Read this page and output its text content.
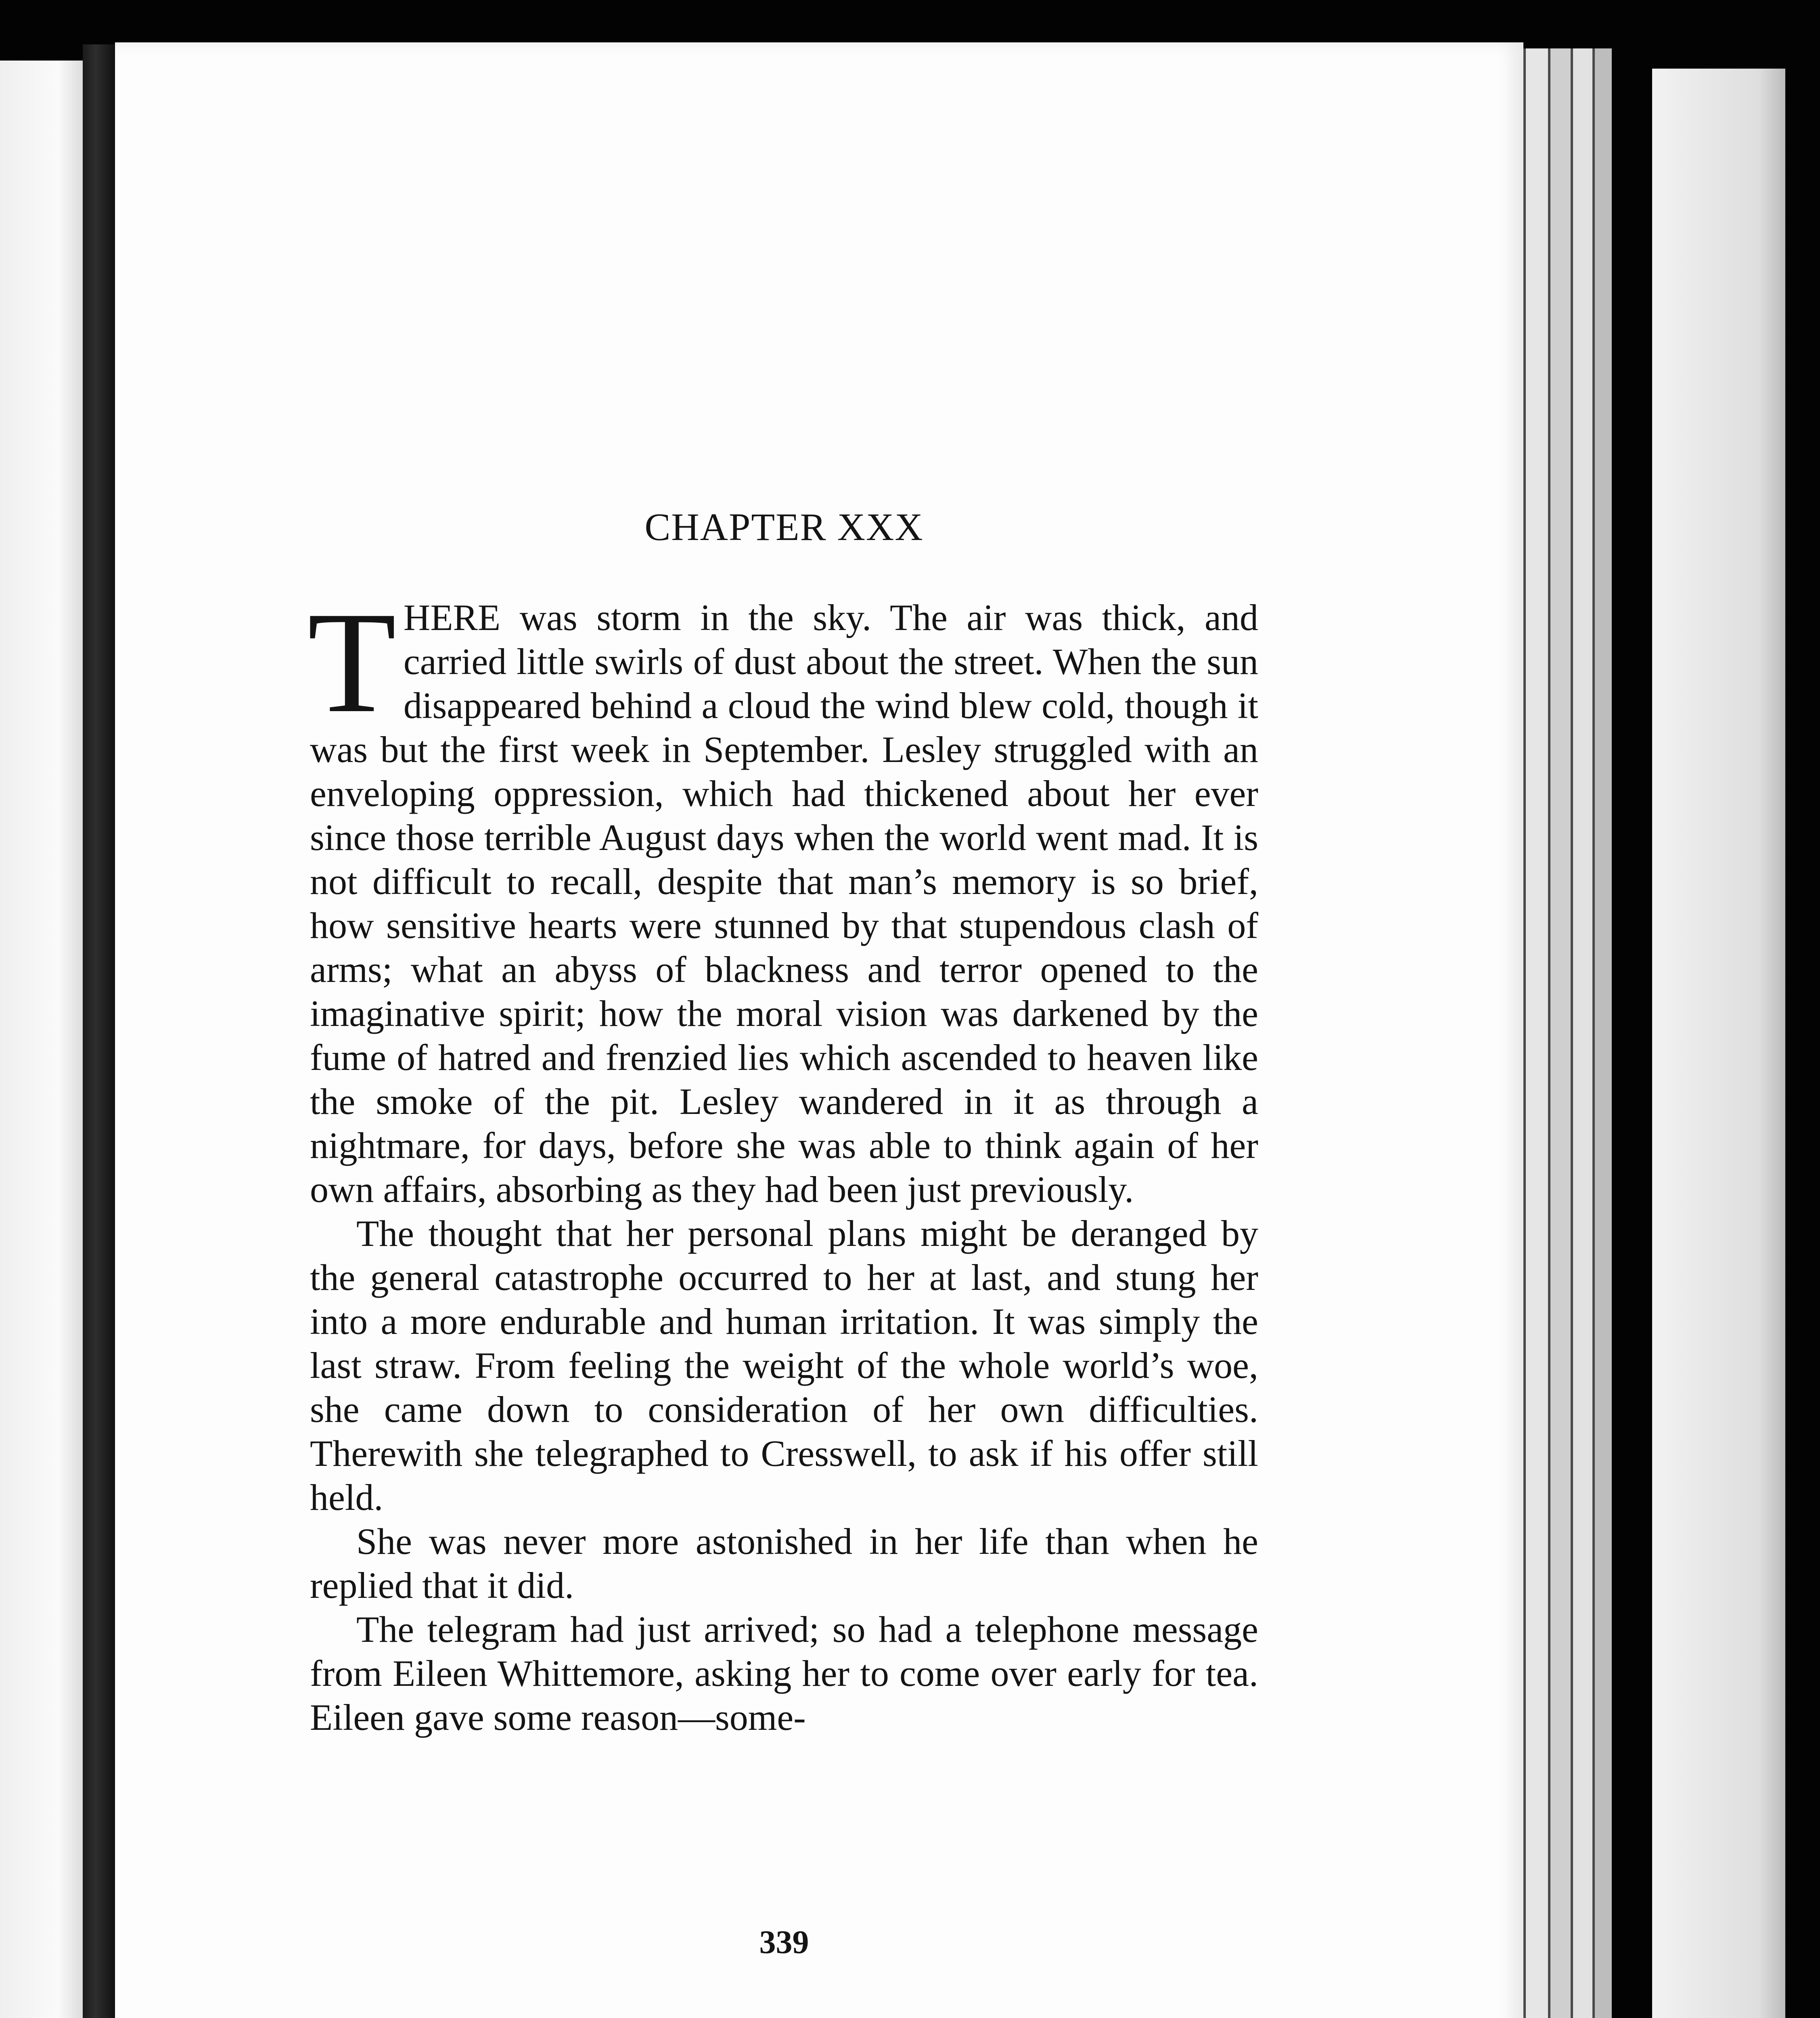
CHAPTER XXX

THERE was storm in the sky. The air was thick, and carried little swirls of dust about the street. When the sun disappeared behind a cloud the wind blew cold, though it was but the first week in September. Lesley struggled with an enveloping oppression, which had thickened about her ever since those terrible August days when the world went mad. It is not difficult to recall, despite that man’s memory is so brief, how sensitive hearts were stunned by that stupendous clash of arms; what an abyss of blackness and terror opened to the imaginative spirit; how the moral vision was darkened by the fume of hatred and frenzied lies which ascended to heaven like the smoke of the pit. Lesley wandered in it as through a nightmare, for days, before she was able to think again of her own affairs, absorbing as they had been just previously.

The thought that her personal plans might be deranged by the general catastrophe occurred to her at last, and stung her into a more endurable and human irritation. It was simply the last straw. From feeling the weight of the whole world’s woe, she came down to consideration of her own difficulties. Therewith she telegraphed to Cresswell, to ask if his offer still held.

She was never more astonished in her life than when he replied that it did.

The telegram had just arrived; so had a telephone message from Eileen Whittemore, asking her to come over early for tea. Eileen gave some reason—some-

339
